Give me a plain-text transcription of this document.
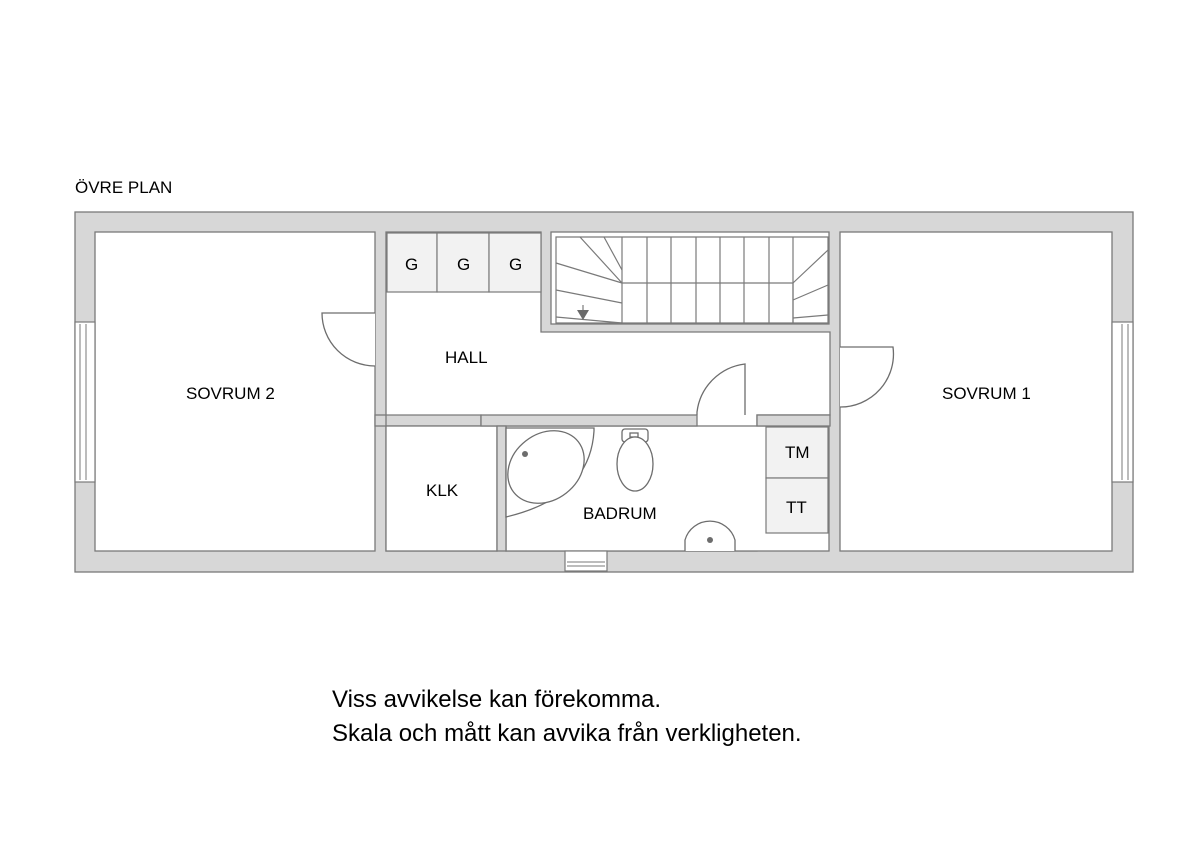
ÖVRE PLAN
SOVRUM 2	SOVRUM 1
HALL
KLK
BADRUM
TM
TT
G G G
Viss avvikelse kan förekomma.
Skala och mått kan avvika från verkligheten.
